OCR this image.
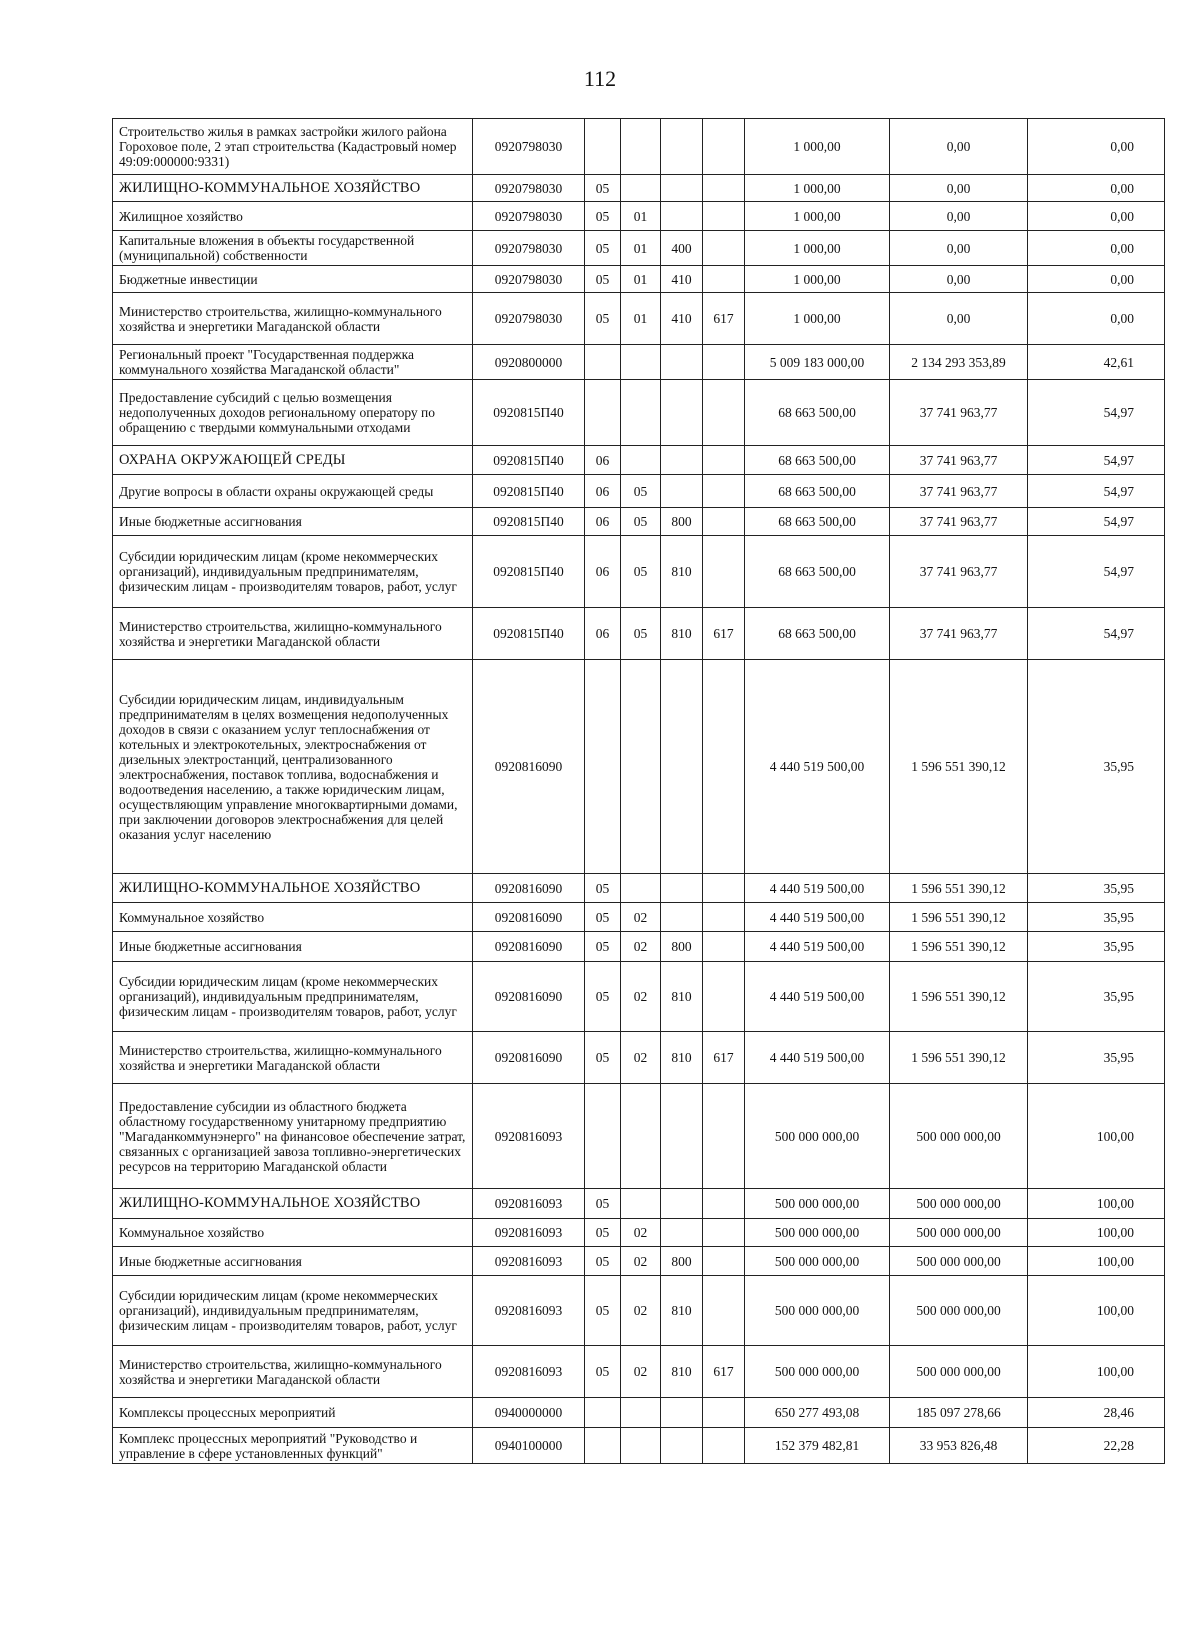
112
Строительство жилья в рамках застройки жилого района Гороховое поле, 2 этап строительства (Кадастровый номер 49:09:000000:9331)	0920798030					1 000,00	0,00	0,00
ЖИЛИЩНО-КОММУНАЛЬНОЕ ХОЗЯЙСТВО	0920798030	05				1 000,00	0,00	0,00
Жилищное хозяйство	0920798030	05	01			1 000,00	0,00	0,00
Капитальные вложения в объекты государственной (муниципальной) собственности	0920798030	05	01	400		1 000,00	0,00	0,00
Бюджетные инвестиции	0920798030	05	01	410		1 000,00	0,00	0,00
Министерство строительства, жилищно-коммунального хозяйства и энергетики Магаданской области	0920798030	05	01	410	617	1 000,00	0,00	0,00
Региональный проект "Государственная поддержка коммунального хозяйства Магаданской области"	0920800000					5 009 183 000,00	2 134 293 353,89	42,61
Предоставление субсидий с целью возмещения недополученных доходов региональному оператору по обращению с твердыми коммунальными отходами	0920815П40					68 663 500,00	37 741 963,77	54,97
ОХРАНА ОКРУЖАЮЩЕЙ СРЕДЫ	0920815П40	06				68 663 500,00	37 741 963,77	54,97
Другие вопросы в области охраны окружающей среды	0920815П40	06	05			68 663 500,00	37 741 963,77	54,97
Иные бюджетные ассигнования	0920815П40	06	05	800		68 663 500,00	37 741 963,77	54,97
Субсидии юридическим лицам (кроме некоммерческих организаций), индивидуальным предпринимателям, физическим лицам - производителям товаров, работ, услуг	0920815П40	06	05	810		68 663 500,00	37 741 963,77	54,97
Министерство строительства, жилищно-коммунального хозяйства и энергетики Магаданской области	0920815П40	06	05	810	617	68 663 500,00	37 741 963,77	54,97
Субсидии юридическим лицам, индивидуальным предпринимателям в целях возмещения недополученных доходов в связи с оказанием услуг теплоснабжения от котельных и электрокотельных, электроснабжения от дизельных электростанций, централизованного электроснабжения, поставок топлива, водоснабжения и водоотведения населению, а также юридическим лицам, осуществляющим управление многоквартирными домами, при заключении договоров электроснабжения для целей оказания услуг населению	0920816090					4 440 519 500,00	1 596 551 390,12	35,95
ЖИЛИЩНО-КОММУНАЛЬНОЕ ХОЗЯЙСТВО	0920816090	05				4 440 519 500,00	1 596 551 390,12	35,95
Коммунальное хозяйство	0920816090	05	02			4 440 519 500,00	1 596 551 390,12	35,95
Иные бюджетные ассигнования	0920816090	05	02	800		4 440 519 500,00	1 596 551 390,12	35,95
Субсидии юридическим лицам (кроме некоммерческих организаций), индивидуальным предпринимателям, физическим лицам - производителям товаров, работ, услуг	0920816090	05	02	810		4 440 519 500,00	1 596 551 390,12	35,95
Министерство строительства, жилищно-коммунального хозяйства и энергетики Магаданской области	0920816090	05	02	810	617	4 440 519 500,00	1 596 551 390,12	35,95
Предоставление субсидии из областного бюджета областному государственному унитарному предприятию "Магаданкоммунэнерго" на финансовое обеспечение затрат, связанных с организацией завоза топливно-энергетических ресурсов на территорию Магаданской области	0920816093					500 000 000,00	500 000 000,00	100,00
ЖИЛИЩНО-КОММУНАЛЬНОЕ ХОЗЯЙСТВО	0920816093	05				500 000 000,00	500 000 000,00	100,00
Коммунальное хозяйство	0920816093	05	02			500 000 000,00	500 000 000,00	100,00
Иные бюджетные ассигнования	0920816093	05	02	800		500 000 000,00	500 000 000,00	100,00
Субсидии юридическим лицам (кроме некоммерческих организаций), индивидуальным предпринимателям, физическим лицам - производителям товаров, работ, услуг	0920816093	05	02	810		500 000 000,00	500 000 000,00	100,00
Министерство строительства, жилищно-коммунального хозяйства и энергетики Магаданской области	0920816093	05	02	810	617	500 000 000,00	500 000 000,00	100,00
Комплексы процессных мероприятий	0940000000					650 277 493,08	185 097 278,66	28,46
Комплекс процессных мероприятий "Руководство и управление в сфере установленных функций"	0940100000					152 379 482,81	33 953 826,48	22,28
